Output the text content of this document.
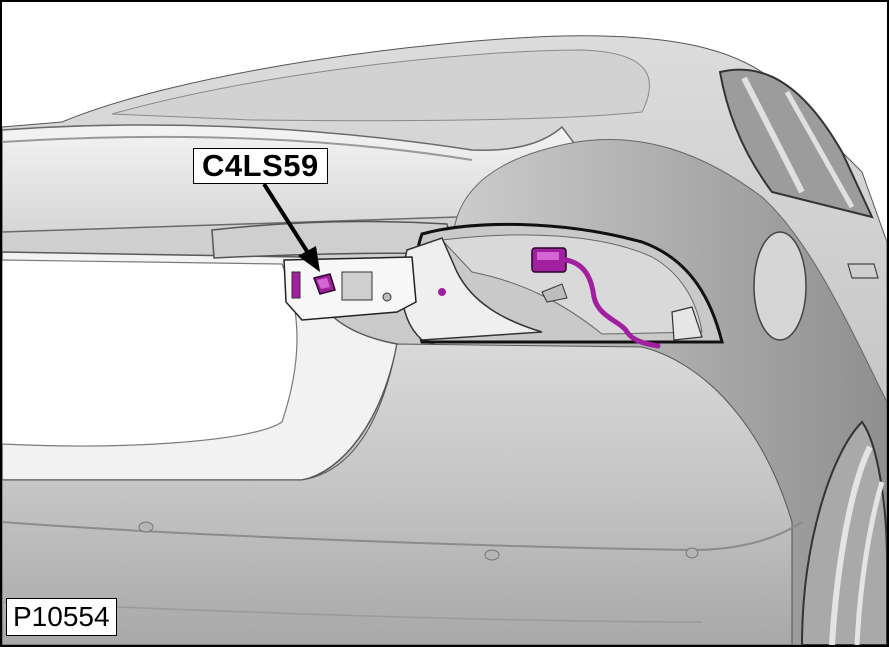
C4LS59
P10554
